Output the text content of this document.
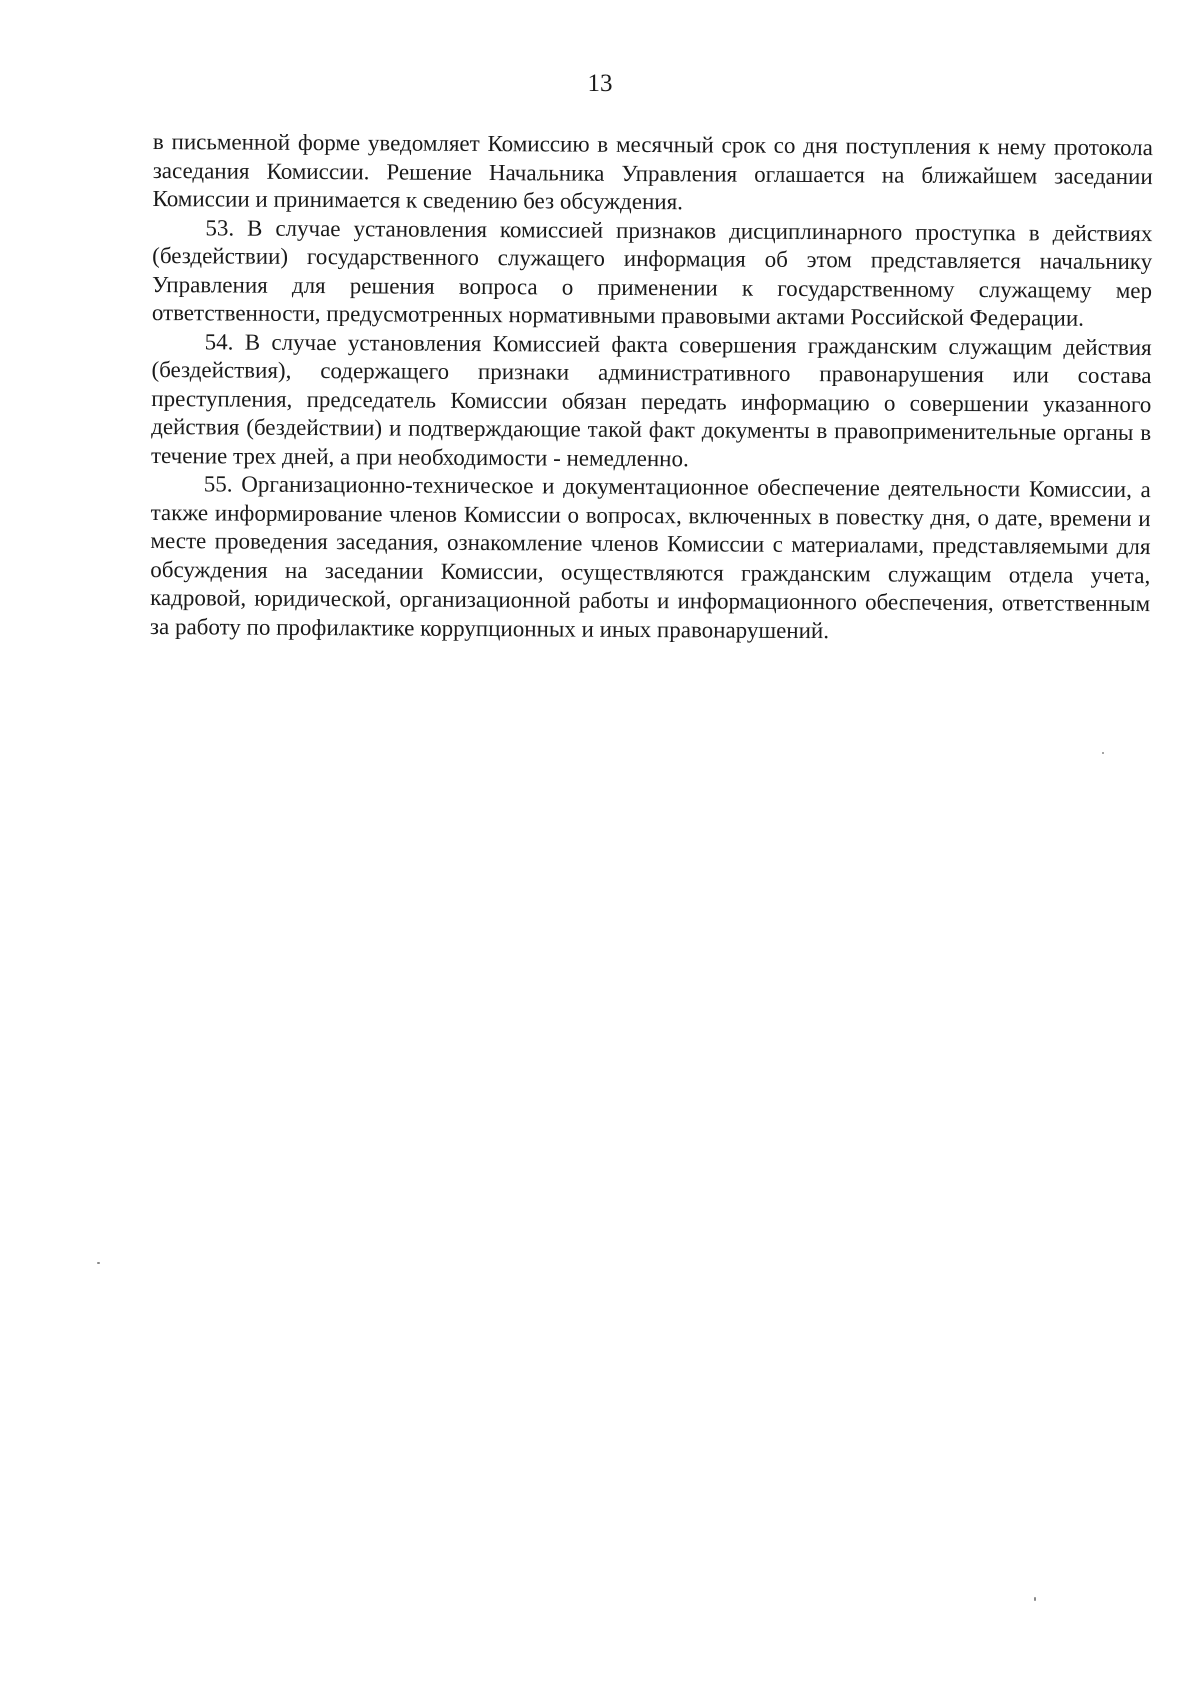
13

в письменной форме уведомляет Комиссию в месячный срок со дня поступления к нему протокола заседания Комиссии. Решение Начальника Управления оглашается на ближайшем заседании Комиссии и принимается к сведению без обсуждения.

53. В случае установления комиссией признаков дисциплинарного проступка в действиях (бездействии) государственного служащего информация об этом представляется начальнику Управления для решения вопроса о применении к государственному служащему мер ответственности, предусмотренных нормативными правовыми актами Российской Федерации.

54. В случае установления Комиссией факта совершения гражданским служащим действия (бездействия), содержащего признаки административного правонарушения или состава преступления, председатель Комиссии обязан передать информацию о совершении указанного действия (бездействии) и подтверждающие такой факт документы в правоприменительные органы в течение трех дней, а при необходимости - немедленно.

55. Организационно-техническое и документационное обеспечение деятельности Комиссии, а также информирование членов Комиссии о вопросах, включенных в повестку дня, о дате, времени и месте проведения заседания, ознакомление членов Комиссии с материалами, представляемыми для обсуждения на заседании Комиссии, осуществляются гражданским служащим отдела учета, кадровой, юридической, организационной работы и информационного обеспечения, ответственным за работу по профилактике коррупционных и иных правонарушений.
